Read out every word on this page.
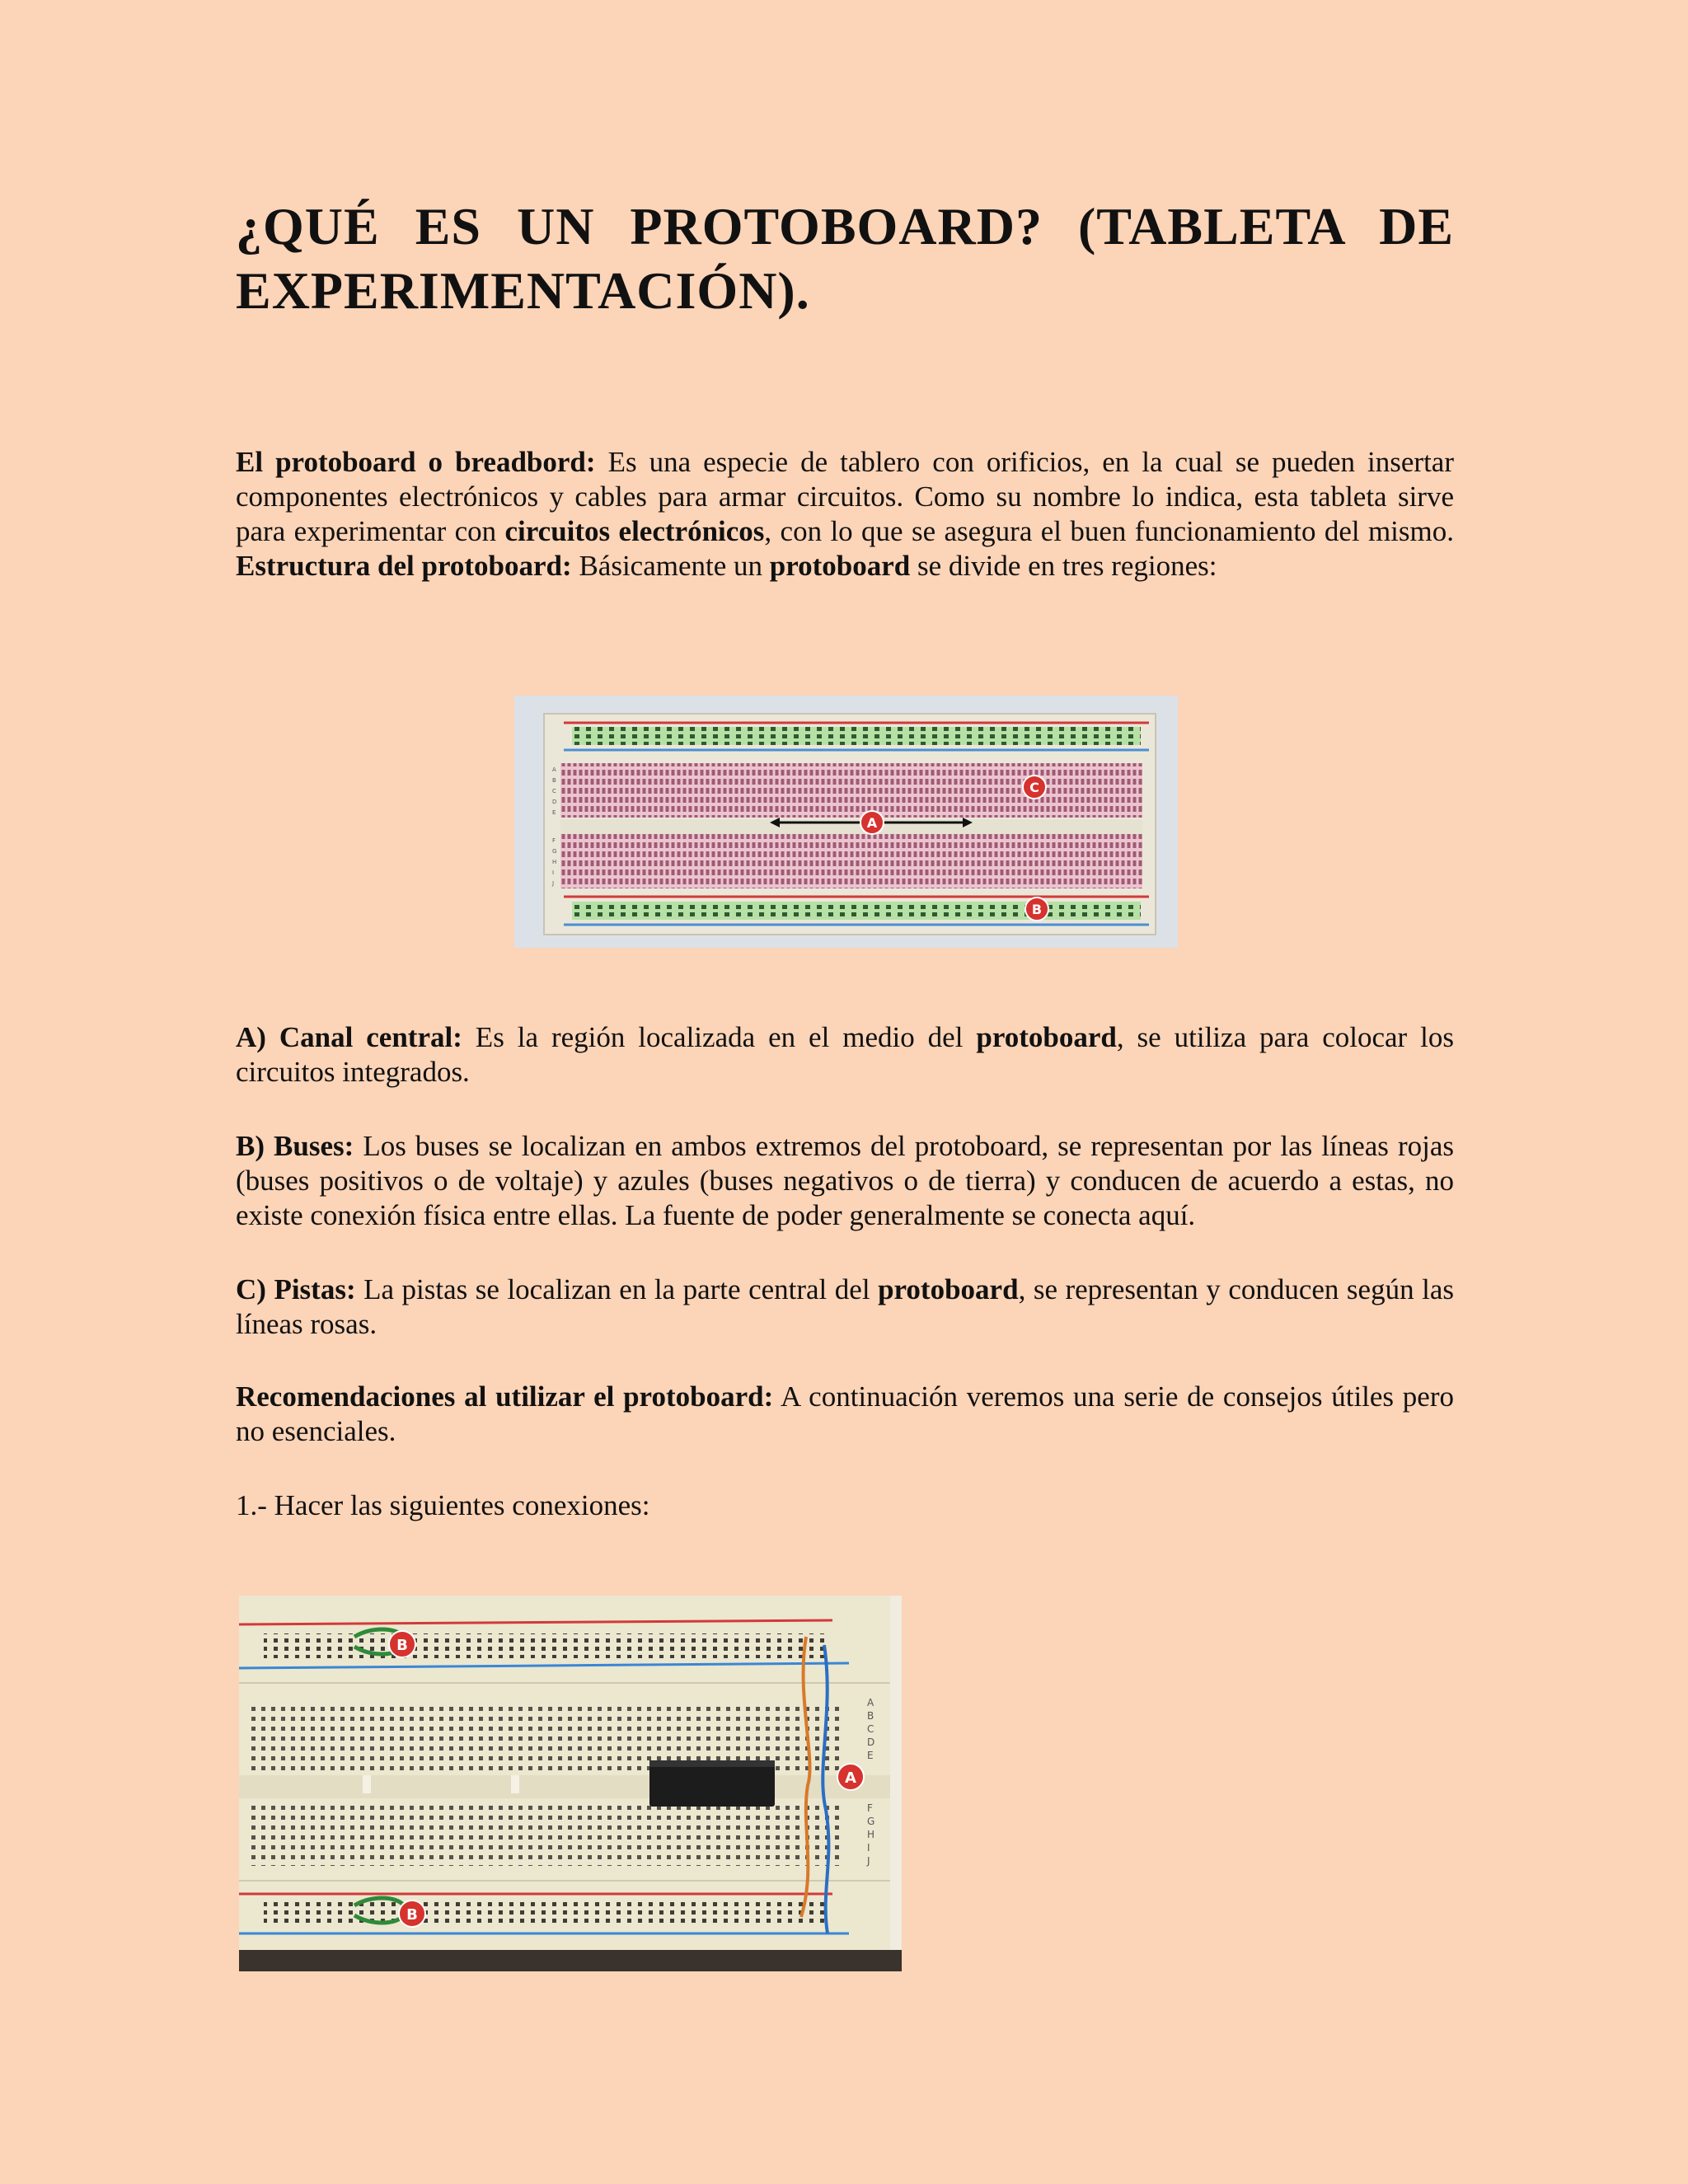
¿QUÉ ES UN PROTOBOARD? (TABLETA DE EXPERIMENTACIÓN).

El protoboard o breadbord: Es una especie de tablero con orificios, en la cual se pueden insertar componentes electrónicos y cables para armar circuitos. Como su nombre lo indica, esta tableta sirve para experimentar con circuitos electrónicos, con lo que se asegura el buen funcionamiento del mismo. Estructura del protoboard: Básicamente un protoboard se divide en tres regiones:

A
B
C
D
E
F
G
H
I
J
A
C
B

A) Canal central: Es la región localizada en el medio del protoboard, se utiliza para colocar los circuitos integrados.

B) Buses: Los buses se localizan en ambos extremos del protoboard, se representan por las líneas rojas (buses positivos o de voltaje) y azules (buses negativos o de tierra) y conducen de acuerdo a estas, no existe conexión física entre ellas. La fuente de poder generalmente se conecta aquí.

C) Pistas: La pistas se localizan en la parte central del protoboard, se representan y conducen según las líneas rosas.

Recomendaciones al utilizar el protoboard: A continuación veremos una serie de consejos útiles pero no esenciales.

1.- Hacer las siguientes conexiones:

A
B
C
D
E
F
G
H
I
J
B
A
B
